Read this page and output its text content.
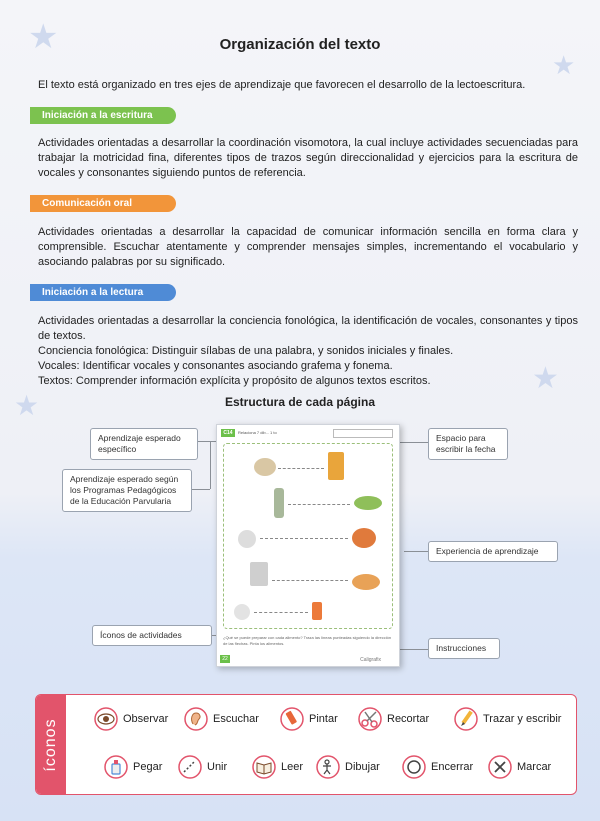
★
★
★
★
Organización del texto
El texto está organizado en tres ejes de aprendizaje que favorecen el desarrollo de la lectoescritura.
Iniciación a la escritura

Actividades orientadas a desarrollar la coordinación visomotora, la cual incluye actividades secuenciadas para trabajar la motricidad fina, diferentes tipos de trazos según direccionalidad y ejercicios para la escritura de vocales y consonantes siguiendo puntos de referencia.

Comunicación oral

Actividades orientadas a desarrollar la capacidad de comunicar información sencilla en forma clara y comprensible. Escuchar atentamente y comprender mensajes simples, incrementando el vocabulario y asociando palabras por su significado.

Iniciación a la lectura

Actividades orientadas a desarrollar la conciencia fonológica, la identificación de vocales, consonantes y tipos de textos.

Conciencia fonológica: Distinguir sílabas de una palabra, y sonidos iniciales y finales.

Vocales: Identificar vocales y consonantes asociando grafema y fonema.

Textos: Comprender información explícita y propósito de algunos textos escritos.

Estructura de cada página
Aprendizaje esperado específico
Aprendizaje esperado según los Programas Pedagógicos de la Educación Parvularia
Íconos de actividades
Espacio para escribir la fecha
Experiencia de aprendizaje
Instrucciones
C14	Relaciona 7 dib... 1 to
¿Qué se puede preparar con cada alimento? Traza las líneas punteadas siguiendo la dirección de las flechas. Pinta los alimentos.
22	Caligrafix
íconos	Observar	Escuchar	Pintar	Recortar	Trazar y escribir
Pegar	Unir	Leer	Dibujar	Encerrar	Marcar
